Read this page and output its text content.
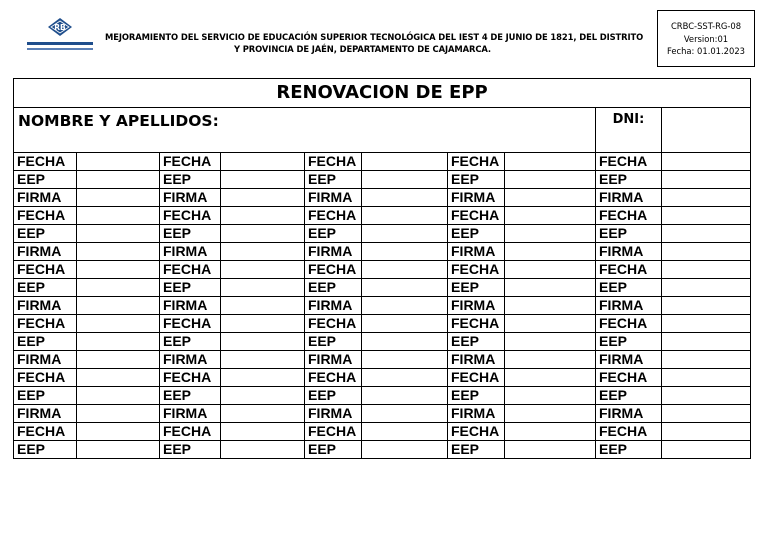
RB
MEJORAMIENTO DEL SERVICIO DE EDUCACIÓN SUPERIOR TECNOLÓGICA DEL IEST 4 DE JUNIO DE 1821, DEL DISTRITO
Y PROVINCIA DE JAÉN, DEPARTAMENTO DE CAJAMARCA.
CRBC-SST-RG-08
Version:01
Fecha: 01.01.2023
RENOVACION DE EPP									
NOMBRE Y APELLIDOS:								DNI:	
FECHA		FECHA		FECHA		FECHA		FECHA	
EEP		EEP		EEP		EEP		EEP	
FIRMA		FIRMA		FIRMA		FIRMA		FIRMA	
FECHA		FECHA		FECHA		FECHA		FECHA	
EEP		EEP		EEP		EEP		EEP	
FIRMA		FIRMA		FIRMA		FIRMA		FIRMA	
FECHA		FECHA		FECHA		FECHA		FECHA	
EEP		EEP		EEP		EEP		EEP	
FIRMA		FIRMA		FIRMA		FIRMA		FIRMA	
FECHA		FECHA		FECHA		FECHA		FECHA	
EEP		EEP		EEP		EEP		EEP	
FIRMA		FIRMA		FIRMA		FIRMA		FIRMA	
FECHA		FECHA		FECHA		FECHA		FECHA	
EEP		EEP		EEP		EEP		EEP	
FIRMA		FIRMA		FIRMA		FIRMA		FIRMA	
FECHA		FECHA		FECHA		FECHA		FECHA	
EEP		EEP		EEP		EEP		EEP	
